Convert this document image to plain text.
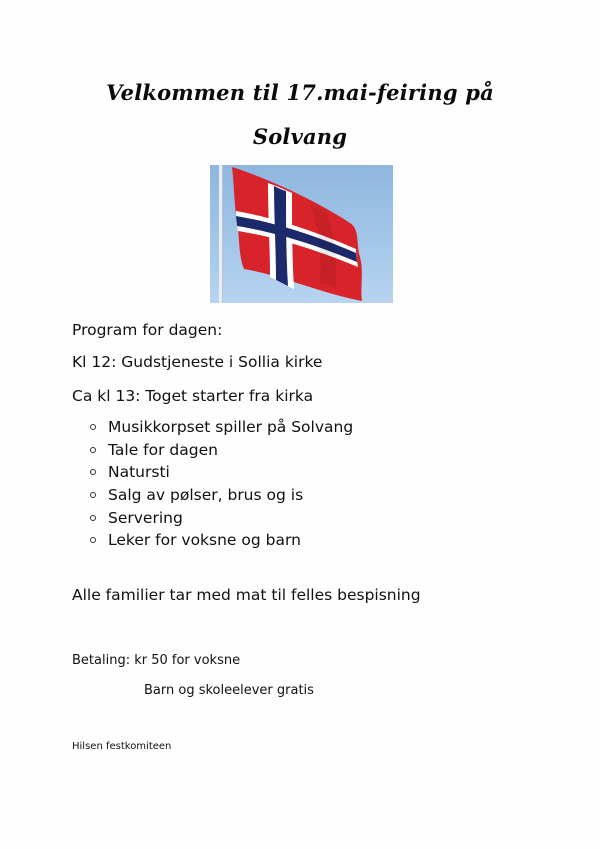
Velkommen til 17.mai-feiring på
Solvang

Program for dagen:

Kl 12: Gudstjeneste i Sollia kirke

Ca kl 13: Toget starter fra kirka

Musikkorpset spiller på Solvang
Tale for dagen
Natursti
Salg av pølser, brus og is
Servering
Leker for voksne og barn

Alle familier tar med mat til felles bespisning

Betaling: kr 50 for voksne

Barn og skoleelever gratis

Hilsen festkomiteen
